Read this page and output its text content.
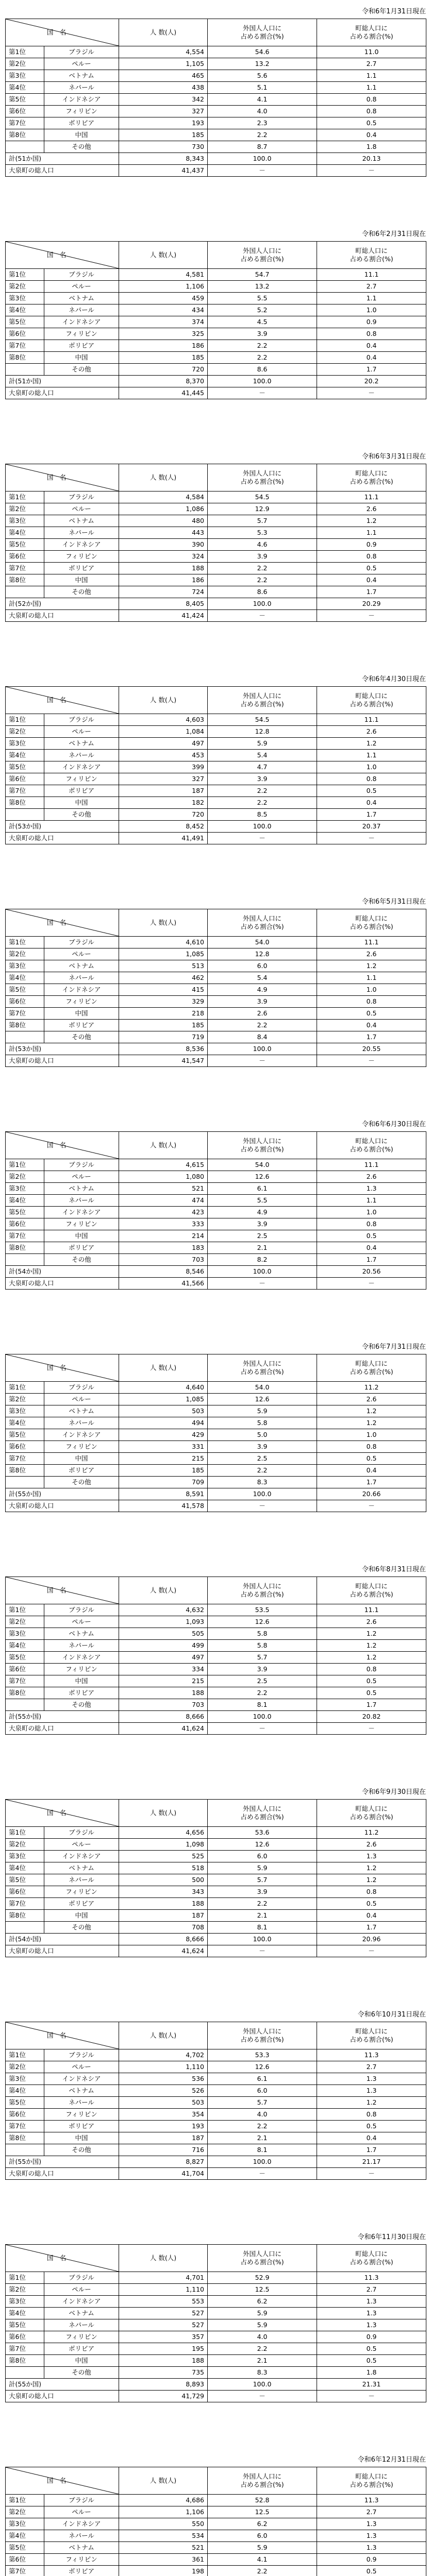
令和6年1月31日現在
国　名		人 数(人)	外国人人口に
占める割合(%)	町総人口に
占める割合(%)
第1位	ブラジル	4,554	54.6	11.0
第2位	ペルー	1,105	13.2	2.7
第3位	ベトナム	465	5.6	1.1
第4位	ネパール	438	5.1	1.1
第5位	インドネシア	342	4.1	0.8
第6位	フィリピン	327	4.0	0.8
第7位	ボリビア	193	2.3	0.5
第8位	中国	185	2.2	0.4
	その他	730	8.7	1.8
計(51か国)		8,343	100.0	20.13
大泉町の総人口		41,437	－	－
令和6年2月31日現在
国　名		人 数(人)	外国人人口に
占める割合(%)	町総人口に
占める割合(%)
第1位	ブラジル	4,581	54.7	11.1
第2位	ペルー	1,106	13.2	2.7
第3位	ベトナム	459	5.5	1.1
第4位	ネパール	434	5.2	1.0
第5位	インドネシア	374	4.5	0.9
第6位	フィリピン	325	3.9	0.8
第7位	ボリビア	186	2.2	0.4
第8位	中国	185	2.2	0.4
	その他	720	8.6	1.7
計(51か国)		8,370	100.0	20.2
大泉町の総人口		41,445	－	－
令和6年3月31日現在
国　名		人 数(人)	外国人人口に
占める割合(%)	町総人口に
占める割合(%)
第1位	ブラジル	4,584	54.5	11.1
第2位	ペルー	1,086	12.9	2.6
第3位	ベトナム	480	5.7	1.2
第4位	ネパール	443	5.3	1.1
第5位	インドネシア	390	4.6	0.9
第6位	フィリピン	324	3.9	0.8
第7位	ボリビア	188	2.2	0.5
第8位	中国	186	2.2	0.4
	その他	724	8.6	1.7
計(52か国)		8,405	100.0	20.29
大泉町の総人口		41,424	－	－
令和6年4月30日現在
国　名		人 数(人)	外国人人口に
占める割合(%)	町総人口に
占める割合(%)
第1位	ブラジル	4,603	54.5	11.1
第2位	ペルー	1,084	12.8	2.6
第3位	ベトナム	497	5.9	1.2
第4位	ネパール	453	5.4	1.1
第5位	インドネシア	399	4.7	1.0
第6位	フィリピン	327	3.9	0.8
第7位	ボリビア	187	2.2	0.5
第8位	中国	182	2.2	0.4
	その他	720	8.5	1.7
計(53か国)		8,452	100.0	20.37
大泉町の総人口		41,491	－	－
令和6年5月31日現在
国　名		人 数(人)	外国人人口に
占める割合(%)	町総人口に
占める割合(%)
第1位	ブラジル	4,610	54.0	11.1
第2位	ペルー	1,085	12.8	2.6
第3位	ベトナム	513	6.0	1.2
第4位	ネパール	462	5.4	1.1
第5位	インドネシア	415	4.9	1.0
第6位	フィリピン	329	3.9	0.8
第7位	中国	218	2.6	0.5
第8位	ボリビア	185	2.2	0.4
	その他	719	8.4	1.7
計(53か国)		8,536	100.0	20.55
大泉町の総人口		41,547	－	－
令和6年6月30日現在
国　名		人 数(人)	外国人人口に
占める割合(%)	町総人口に
占める割合(%)
第1位	ブラジル	4,615	54.0	11.1
第2位	ペルー	1,080	12.6	2.6
第3位	ベトナム	521	6.1	1.3
第4位	ネパール	474	5.5	1.1
第5位	インドネシア	423	4.9	1.0
第6位	フィリピン	333	3.9	0.8
第7位	中国	214	2.5	0.5
第8位	ボリビア	183	2.1	0.4
	その他	703	8.2	1.7
計(54か国)		8,546	100.0	20.56
大泉町の総人口		41,566	－	－
令和6年7月31日現在
国　名		人 数(人)	外国人人口に
占める割合(%)	町総人口に
占める割合(%)
第1位	ブラジル	4,640	54.0	11.2
第2位	ペルー	1,085	12.6	2.6
第3位	ベトナム	503	5.9	1.2
第4位	ネパール	494	5.8	1.2
第5位	インドネシア	429	5.0	1.0
第6位	フィリピン	331	3.9	0.8
第7位	中国	215	2.5	0.5
第8位	ボリビア	185	2.2	0.4
	その他	709	8.3	1.7
計(55か国)		8,591	100.0	20.66
大泉町の総人口		41,578	－	－
令和6年8月31日現在
国　名		人 数(人)	外国人人口に
占める割合(%)	町総人口に
占める割合(%)
第1位	ブラジル	4,632	53.5	11.1
第2位	ペルー	1,093	12.6	2.6
第3位	ベトナム	505	5.8	1.2
第4位	ネパール	499	5.8	1.2
第5位	インドネシア	497	5.7	1.2
第6位	フィリピン	334	3.9	0.8
第7位	中国	215	2.5	0.5
第8位	ボリビア	188	2.2	0.5
	その他	703	8.1	1.7
計(55か国)		8,666	100.0	20.82
大泉町の総人口		41,624	－	－
令和6年9月30日現在
国　名		人 数(人)	外国人人口に
占める割合(%)	町総人口に
占める割合(%)
第1位	ブラジル	4,656	53.6	11.2
第2位	ペルー	1,098	12.6	2.6
第3位	インドネシア	525	6.0	1.3
第4位	ベトナム	518	5.9	1.2
第5位	ネパール	500	5.7	1.2
第6位	フィリピン	343	3.9	0.8
第7位	ボリビア	188	2.2	0.5
第8位	中国	187	2.1	0.4
	その他	708	8.1	1.7
計(54か国)		8,666	100.0	20.96
大泉町の総人口		41,624	－	－
令和6年10月31日現在
国　名		人 数(人)	外国人人口に
占める割合(%)	町総人口に
占める割合(%)
第1位	ブラジル	4,702	53.3	11.3
第2位	ペルー	1,110	12.6	2.7
第3位	インドネシア	536	6.1	1.3
第4位	ベトナム	526	6.0	1.3
第5位	ネパール	503	5.7	1.2
第6位	フィリピン	354	4.0	0.8
第7位	ボリビア	193	2.2	0.5
第8位	中国	187	2.1	0.4
	その他	716	8.1	1.7
計(55か国)		8,827	100.0	21.17
大泉町の総人口		41,704	－	－
令和6年11月30日現在
国　名		人 数(人)	外国人人口に
占める割合(%)	町総人口に
占める割合(%)
第1位	ブラジル	4,701	52.9	11.3
第2位	ペルー	1,110	12.5	2.7
第3位	インドネシア	553	6.2	1.3
第4位	ベトナム	527	5.9	1.3
第5位	ネパール	527	5.9	1.3
第6位	フィリピン	357	4.0	0.9
第7位	ボリビア	195	2.2	0.5
第8位	中国	188	2.1	0.5
	その他	735	8.3	1.8
計(55か国)		8,893	100.0	21.31
大泉町の総人口		41,729	－	－
令和6年12月31日現在
国　名		人 数(人)	外国人人口に
占める割合(%)	町総人口に
占める割合(%)
第1位	ブラジル	4,686	52.8	11.3
第2位	ペルー	1,106	12.5	2.7
第3位	インドネシア	550	6.2	1.3
第4位	ネパール	534	6.0	1.3
第5位	ベトナム	521	5.9	1.3
第6位	フィリピン	361	4.1	0.9
第7位	ボリビア	198	2.2	0.5
